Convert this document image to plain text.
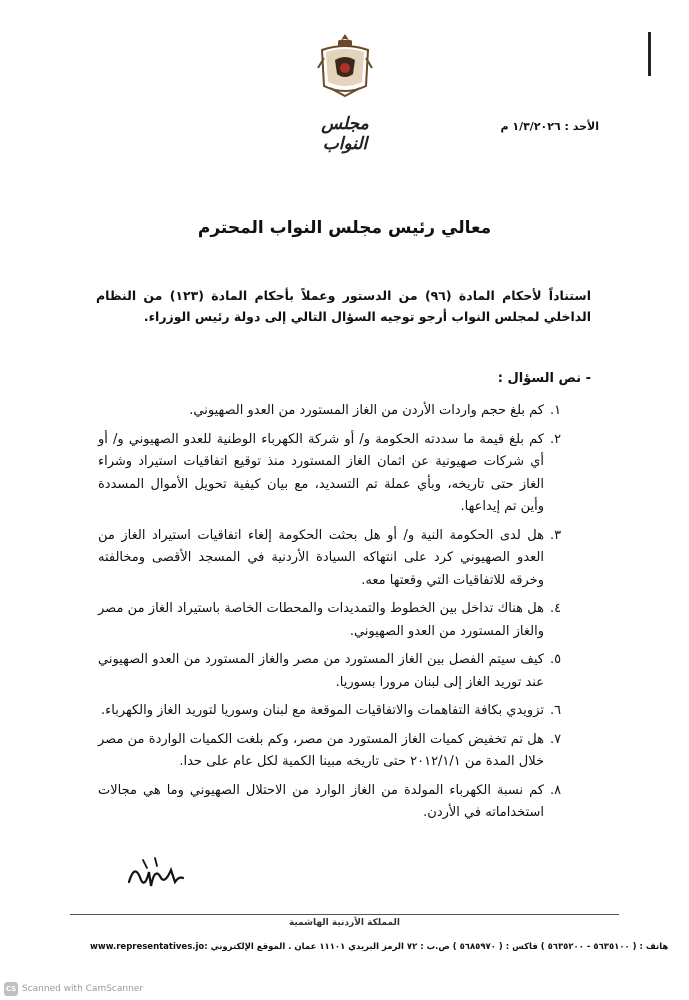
مجلس النواب
الأحد : ١/٣/٢٠٢٦ م
معالي رئيس مجلس النواب المحترم
استناداً لأحكام المادة (٩٦) من الدستور وعملاً بأحكام المادة (١٢٣) من النظام الداخلي لمجلس النواب أرجو توجيه السؤال التالي إلى دولة رئيس الوزراء.
- نص السؤال :
١.
كم بلغ حجم واردات الأردن من الغاز المستورد من العدو الصهيوني.
٢.
كم بلغ قيمة ما سددته الحكومة و/ أو شركة الكهرباء الوطنية للعدو الصهيوني و/ أو أي شركات صهيونية عن اثمان الغاز المستورد منذ توقيع اتفاقيات استيراد وشراء الغاز حتى تاريخه، وبأي عملة تم التسديد، مع بيان كيفية تحويل الأموال المسددة وأين تم إيداعها.
٣.
هل لدى الحكومة النية و/ أو هل بحثت الحكومة إلغاء اتفاقيات استيراد الغاز من العدو الصهيوني كرد على انتهاكه السيادة الأردنية في المسجد الأقصى ومخالفته وخرقه للاتفاقيات التي وقعتها معه.
٤.
هل هناك تداخل بين الخطوط والتمديدات والمحطات الخاصة باستيراد الغاز من مصر والغاز المستورد من العدو الصهيوني.
٥.
كيف سيتم الفصل بين الغاز المستورد من مصر والغاز المستورد من العدو الصهيوني عند توريد الغاز إلى لبنان مرورا بسوريا.
٦.
تزويدي بكافة التفاهمات والاتفاقيات الموقعة مع لبنان وسوريا لتوريد الغاز والكهرباء.
٧.
هل تم تخفيض كميات الغاز المستورد من مصر، وكم بلغت الكميات الواردة من مصر خلال المدة من ٢٠١٢/١/١ حتى تاريخه مبينا الكمية لكل عام على حدا.
٨.
كم نسبة الكهرباء المولدة من الغاز الوارد من الاحتلال الصهيوني وما هي مجالات استخداماته في الأردن.
المملكة الأردنية الهاشمية
www.representatives.jo هاتف : ( ٥٦٣٥١٠٠ - ٥٦٣٥٢٠٠ ) فاكس : ( ٥٦٨٥٩٧٠ ) ص.ب : ٧٢ الرمز البريدي ١١١٠١ عمان . الموقع الإلكتروني :
CS Scanned with CamScanner
